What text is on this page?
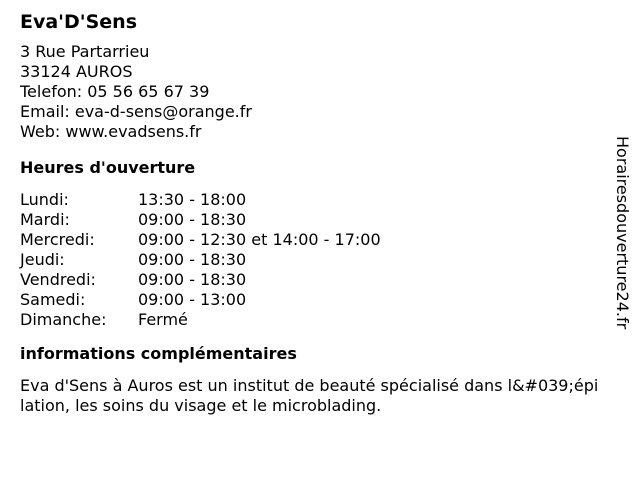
Eva'D'Sens
3 Rue Partarrieu
33124 AUROS
Telefon: 05 56 65 67 39
Email: eva-d-sens@orange.fr
Web: www.evadsens.fr
Heures d'ouverture
Lundi:	13:30 - 18:00
Mardi:	09:00 - 18:30
Mercredi:	09:00 - 12:30 et 14:00 - 17:00
Jeudi:	09:00 - 18:30
Vendredi:	09:00 - 18:30
Samedi:	09:00 - 13:00
Dimanche:	Fermé
informations complémentaires
Eva d'Sens à Auros est un institut de beauté spécialisé dans l&#039;épilation, les soins du visage et le microblading.
Horairesdouverture24.fr
